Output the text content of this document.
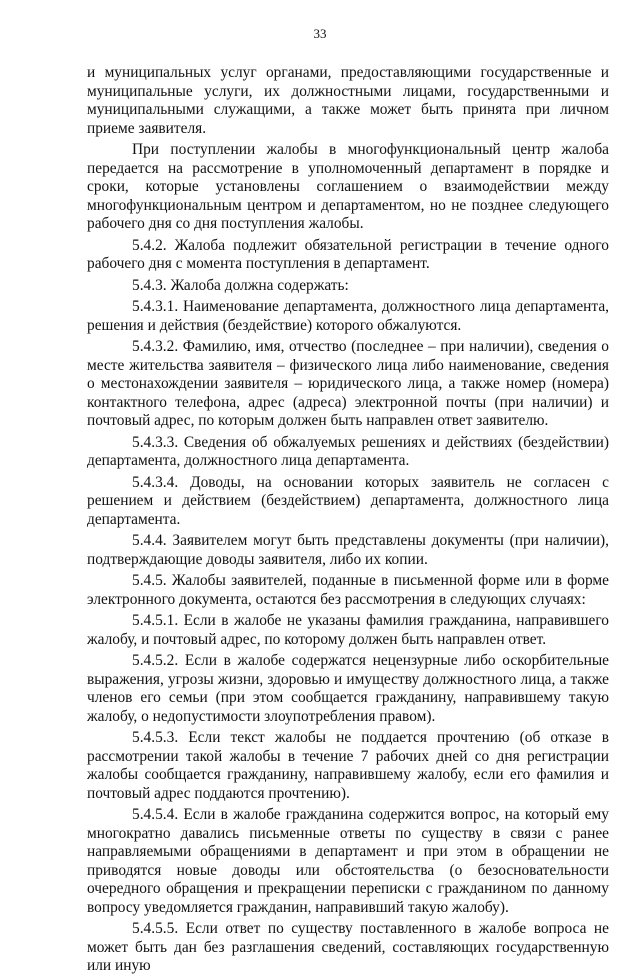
33

и муниципальных услуг органами, предоставляющими государственные и муниципальные услуги, их должностными лицами, государственными и муниципальными служащими, а также может быть принята при личном приеме заявителя.

При поступлении жалобы в многофункциональный центр жалоба передается на рассмотрение в уполномоченный департамент в порядке и сроки, которые установлены соглашением о взаимодействии между многофункциональным центром и департаментом, но не позднее следующего рабочего дня со дня поступления жалобы.

5.4.2. Жалоба подлежит обязательной регистрации в течение одного рабочего дня с момента поступления в департамент.

5.4.3. Жалоба должна содержать:

5.4.3.1. Наименование департамента, должностного лица департамента, решения и действия (бездействие) которого обжалуются.

5.4.3.2. Фамилию, имя, отчество (последнее – при наличии), сведения о месте жительства заявителя – физического лица либо наименование, сведения о местонахождении заявителя – юридического лица, а также номер (номера) контактного телефона, адрес (адреса) электронной почты (при наличии) и почтовый адрес, по которым должен быть направлен ответ заявителю.

5.4.3.3. Сведения об обжалуемых решениях и действиях (бездействии) департамента, должностного лица департамента.

5.4.3.4. Доводы, на основании которых заявитель не согласен с решением и действием (бездействием) департамента, должностного лица департамента.

5.4.4. Заявителем могут быть представлены документы (при наличии), подтверждающие доводы заявителя, либо их копии.

5.4.5. Жалобы заявителей, поданные в письменной форме или в форме электронного документа, остаются без рассмотрения в следующих случаях:

5.4.5.1. Если в жалобе не указаны фамилия гражданина, направившего жалобу, и почтовый адрес, по которому должен быть направлен ответ.

5.4.5.2. Если в жалобе содержатся нецензурные либо оскорбительные выражения, угрозы жизни, здоровью и имуществу должностного лица, а также членов его семьи (при этом сообщается гражданину, направившему такую жалобу, о недопустимости злоупотребления правом).

5.4.5.3. Если текст жалобы не поддается прочтению (об отказе в рассмотрении такой жалобы в течение 7 рабочих дней со дня регистрации жалобы сообщается гражданину, направившему жалобу, если его фамилия и почтовый адрес поддаются прочтению).

5.4.5.4. Если в жалобе гражданина содержится вопрос, на который ему многократно давались письменные ответы по существу в связи с ранее направляемыми обращениями в департамент и при этом в обращении не приводятся новые доводы или обстоятельства (о безосновательности очередного обращения и прекращении переписки с гражданином по данному вопросу уведомляется гражданин, направивший такую жалобу).

5.4.5.5. Если ответ по существу поставленного в жалобе вопроса не может быть дан без разглашения сведений, составляющих государственную или иную
